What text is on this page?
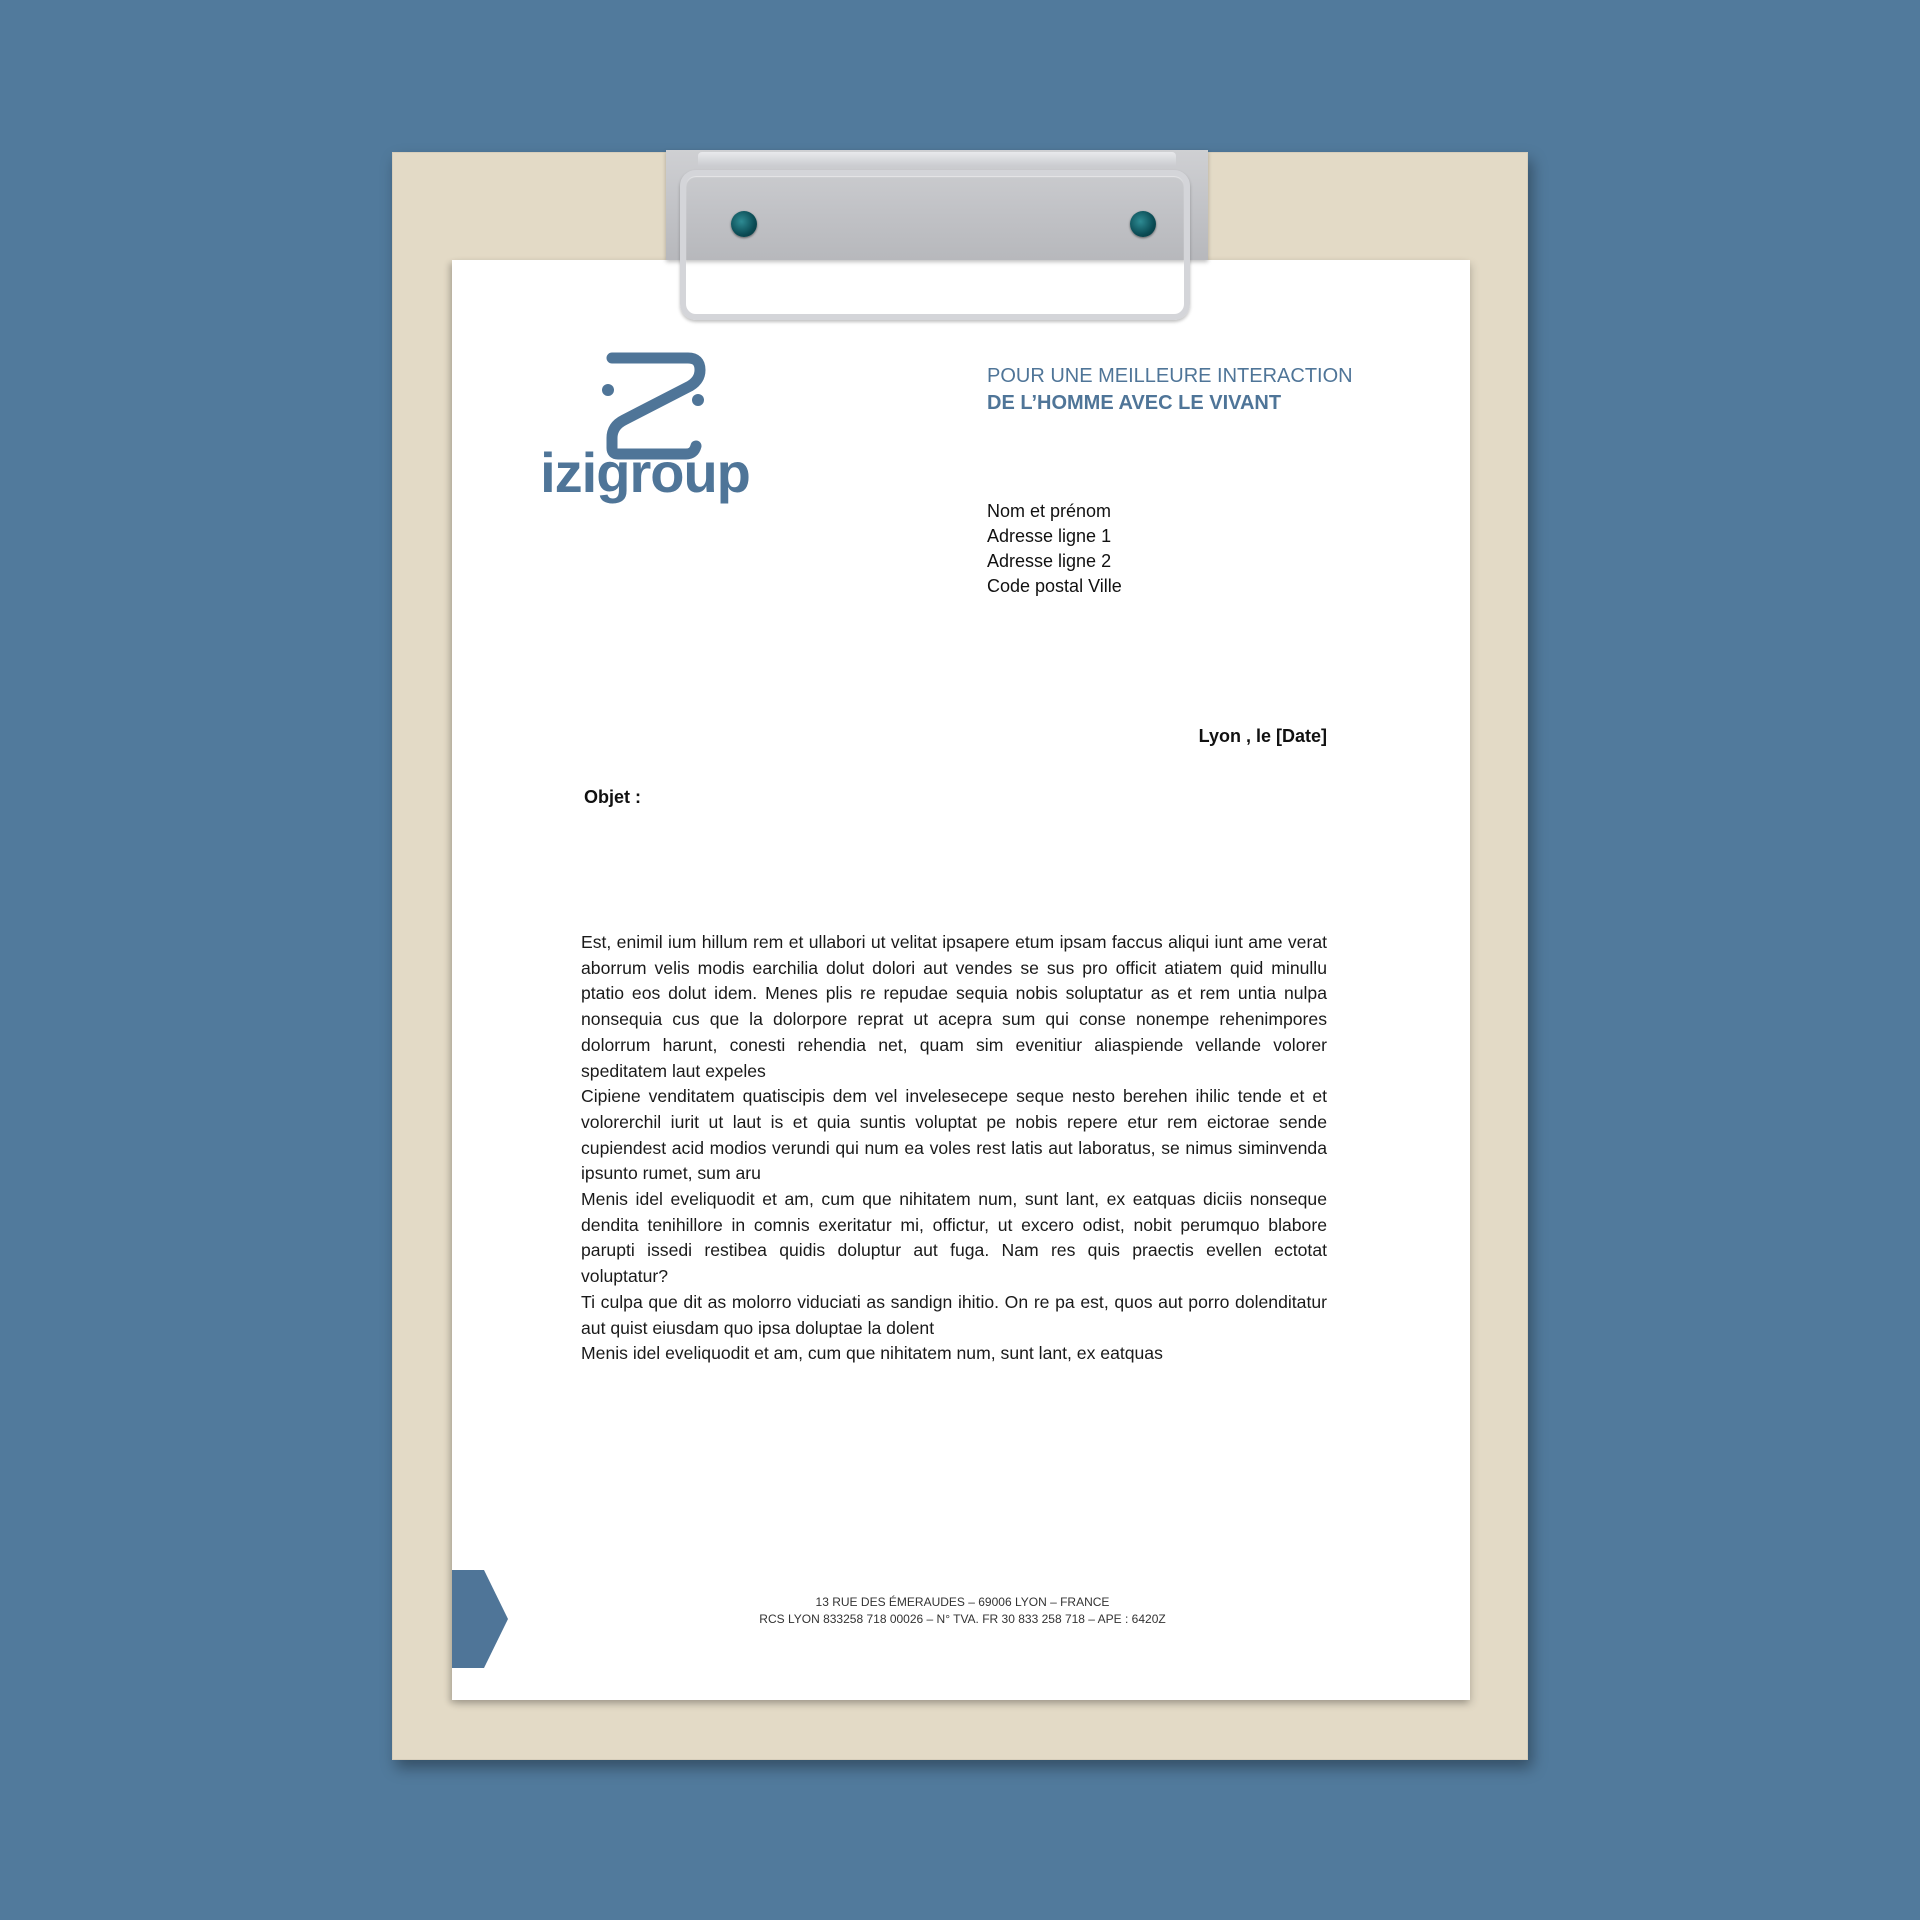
izigroup
POUR UNE MEILLEURE INTERACTION
DE L’HOMME AVEC LE VIVANT
Nom et prénom
Adresse ligne 1
Adresse ligne 2
Code postal Ville
Lyon , le [Date]
Objet :

Est, enimil ium hillum rem et ullabori ut velitat ipsapere etum ipsam faccus aliqui iunt ame verat aborrum velis modis earchilia dolut dolori aut vendes se sus pro officit atiatem quid minullu ptatio eos dolut idem. Menes plis re repudae sequia nobis soluptatur as et rem untia nulpa nonsequia cus que la dolorpore reprat ut acepra sum qui conse nonempe rehenimpores dolorrum harunt, conesti rehendia net, quam sim evenitiur aliaspiende vellande volorer speditatem laut expeles

Cipiene venditatem quatiscipis dem vel invelesecepe seque nesto berehen ihilic tende et et volorerchil iurit ut laut is et quia suntis voluptat pe nobis repere etur rem eictorae sende cupiendest acid modios verundi qui num ea voles rest latis aut laboratus, se nimus siminvenda ipsunto rumet, sum aru

Menis idel eveliquodit et am, cum que nihitatem num, sunt lant, ex eatquas diciis nonseque dendita tenihillore in comnis exeritatur mi, offictur, ut excero odist, nobit perumquo blabore parupti issedi restibea quidis doluptur aut fuga. Nam res quis praectis evellen ectotat voluptatur?

Ti culpa que dit as molorro viduciati as sandign ihitio. On re pa est, quos aut porro dolenditatur aut quist eiusdam quo ipsa doluptae la dolent

Menis idel eveliquodit et am, cum que nihitatem num, sunt lant, ex eatquas

13 RUE DES ÉMERAUDES – 69006 LYON – FRANCE
RCS LYON 833258 718 00026 – N° TVA. FR 30 833 258 718 – APE : 6420Z
